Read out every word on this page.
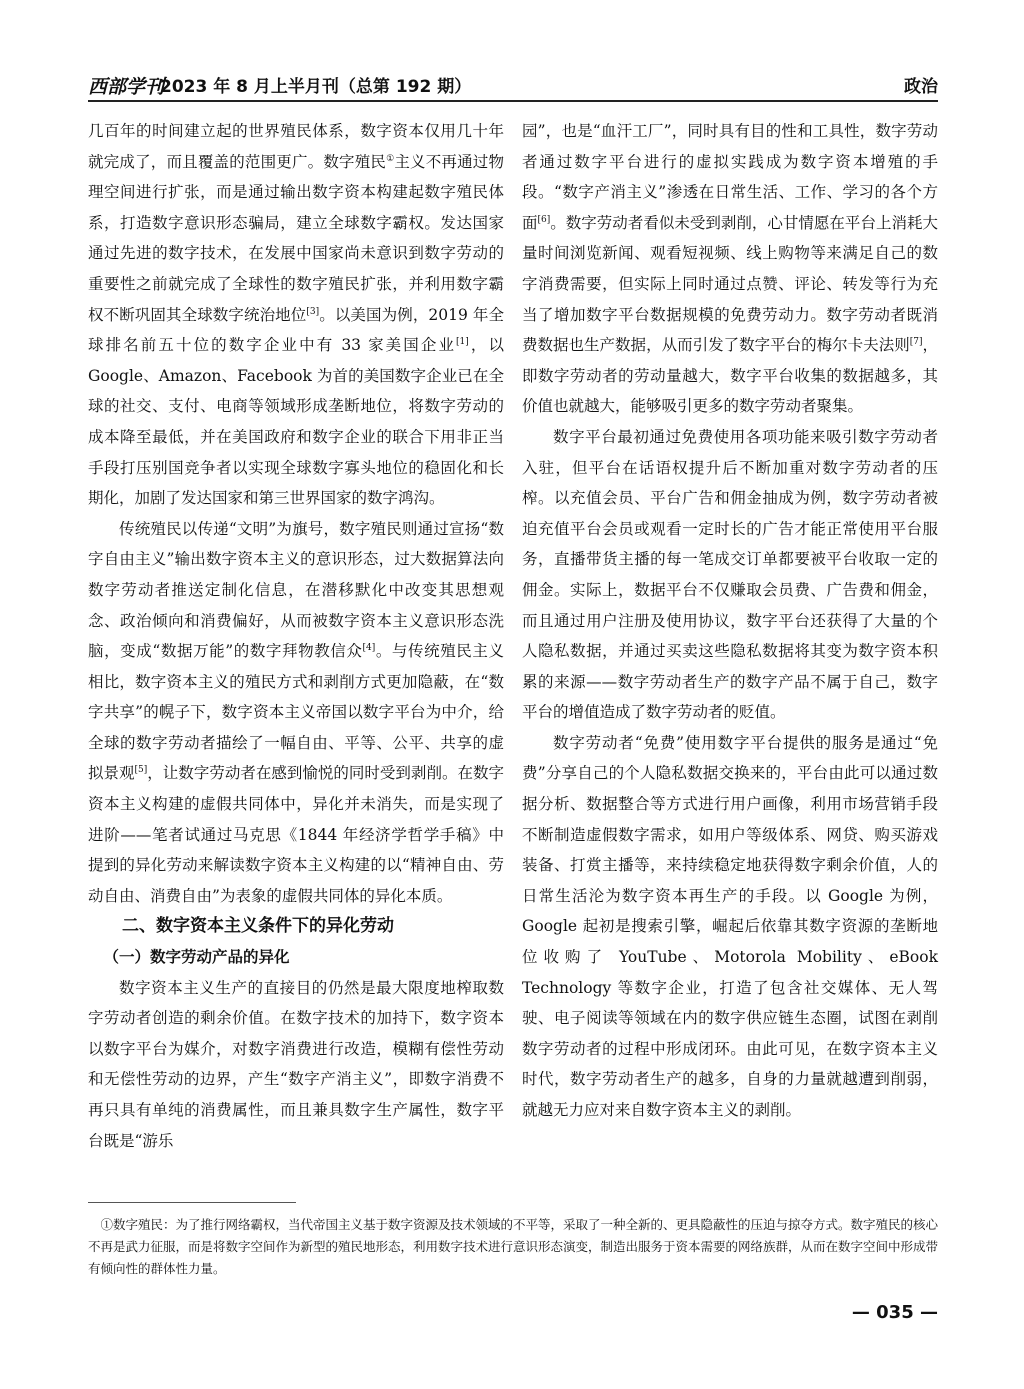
西部学刊
2023 年 8 月上半月刊（总第 192 期）	政治

几百年的时间建立起的世界殖民体系，数字资本仅用几十年就完成了，而且覆盖的范围更广。数字殖民①主义不再通过物理空间进行扩张，而是通过输出数字资本构建起数字殖民体系，打造数字意识形态骗局，建立全球数字霸权。发达国家通过先进的数字技术，在发展中国家尚未意识到数字劳动的重要性之前就完成了全球性的数字殖民扩张，并利用数字霸权不断巩固其全球数字统治地位[3]。以美国为例，2019 年全球排名前五十位的数字企业中有 33 家美国企业[1]，以 Google、Amazon、Facebook 为首的美国数字企业已在全球的社交、支付、电商等领域形成垄断地位，将数字劳动的成本降至最低，并在美国政府和数字企业的联合下用非正当手段打压别国竞争者以实现全球数字寡头地位的稳固化和长期化，加剧了发达国家和第三世界国家的数字鸿沟。

传统殖民以传递“文明”为旗号，数字殖民则通过宣扬“数字自由主义”输出数字资本主义的意识形态，过大数据算法向数字劳动者推送定制化信息，在潜移默化中改变其思想观念、政治倾向和消费偏好，从而被数字资本主义意识形态洗脑，变成“数据万能”的数字拜物教信众[4]。与传统殖民主义相比，数字资本主义的殖民方式和剥削方式更加隐蔽，在“数字共享”的幌子下，数字资本主义帝国以数字平台为中介，给全球的数字劳动者描绘了一幅自由、平等、公平、共享的虚拟景观[5]，让数字劳动者在感到愉悦的同时受到剥削。在数字资本主义构建的虚假共同体中，异化并未消失，而是实现了进阶——笔者试通过马克思《1844 年经济学哲学手稿》中提到的异化劳动来解读数字资本主义构建的以“精神自由、劳动自由、消费自由”为表象的虚假共同体的异化本质。

二、数字资本主义条件下的异化劳动
（一）数字劳动产品的异化

数字资本主义生产的直接目的仍然是最大限度地榨取数字劳动者创造的剩余价值。在数字技术的加持下，数字资本以数字平台为媒介，对数字消费进行改造，模糊有偿性劳动和无偿性劳动的边界，产生“数字产消主义”，即数字消费不再只具有单纯的消费属性，而且兼具数字生产属性，数字平台既是“游乐

园”，也是“血汗工厂”，同时具有目的性和工具性，数字劳动者通过数字平台进行的虚拟实践成为数字资本增殖的手段。“数字产消主义”渗透在日常生活、工作、学习的各个方面[6]。数字劳动者看似未受到剥削，心甘情愿在平台上消耗大量时间浏览新闻、观看短视频、线上购物等来满足自己的数字消费需要，但实际上同时通过点赞、评论、转发等行为充当了增加数字平台数据规模的免费劳动力。数字劳动者既消费数据也生产数据，从而引发了数字平台的梅尔卡夫法则[7]，即数字劳动者的劳动量越大，数字平台收集的数据越多，其价值也就越大，能够吸引更多的数字劳动者聚集。

数字平台最初通过免费使用各项功能来吸引数字劳动者入驻，但平台在话语权提升后不断加重对数字劳动者的压榨。以充值会员、平台广告和佣金抽成为例，数字劳动者被迫充值平台会员或观看一定时长的广告才能正常使用平台服务，直播带货主播的每一笔成交订单都要被平台收取一定的佣金。实际上，数据平台不仅赚取会员费、广告费和佣金，而且通过用户注册及使用协议，数字平台还获得了大量的个人隐私数据，并通过买卖这些隐私数据将其变为数字资本积累的来源——数字劳动者生产的数字产品不属于自己，数字平台的增值造成了数字劳动者的贬值。

数字劳动者“免费”使用数字平台提供的服务是通过“免费”分享自己的个人隐私数据交换来的，平台由此可以通过数据分析、数据整合等方式进行用户画像，利用市场营销手段不断制造虚假数字需求，如用户等级体系、网贷、购买游戏装备、打赏主播等，来持续稳定地获得数字剩余价值，人的日常生活沦为数字资本再生产的手段。以 Google 为例，Google 起初是搜索引擎，崛起后依靠其数字资源的垄断地位收购了 YouTube、Motorola Mobility、eBook Technology 等数字企业，打造了包含社交媒体、无人驾驶、电子阅读等领域在内的数字供应链生态圈，试图在剥削数字劳动者的过程中形成闭环。由此可见，在数字资本主义时代，数字劳动者生产的越多，自身的力量就越遭到削弱，就越无力应对来自数字资本主义的剥削。

①数字殖民：为了推行网络霸权，当代帝国主义基于数字资源及技术领域的不平等，采取了一种全新的、更具隐蔽性的压迫与掠夺方式。数字殖民的核心不再是武力征服，而是将数字空间作为新型的殖民地形态，利用数字技术进行意识形态演变，制造出服务于资本需要的网络族群，从而在数字空间中形成带有倾向性的群体性力量。

— 035 —
